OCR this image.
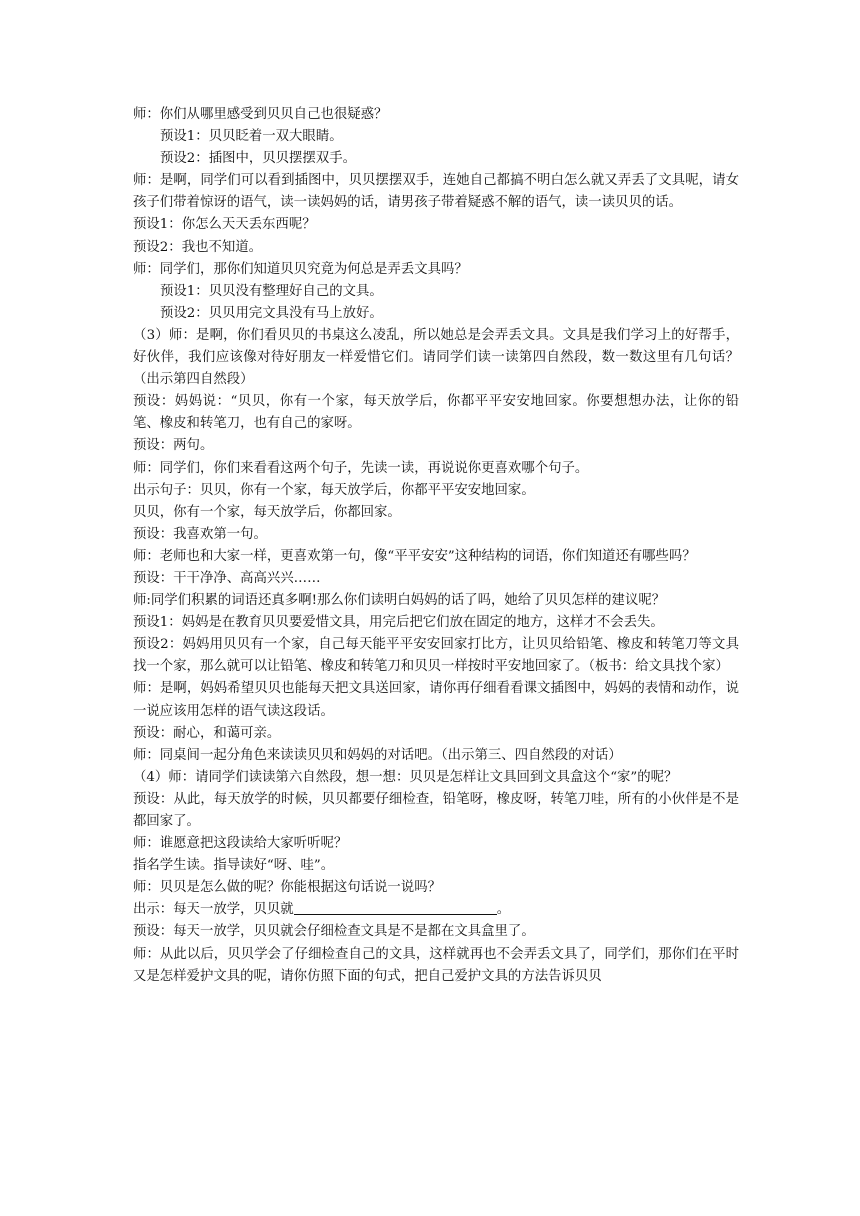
师：你们从哪里感受到贝贝自己也很疑惑？
预设1：贝贝眨着一双大眼睛。
预设2：插图中，贝贝摆摆双手。
师：是啊，同学们可以看到插图中，贝贝摆摆双手，连她自己都搞不明白怎么就又弄丢了文具呢，请女孩子们带着惊讶的语气，读一读妈妈的话，请男孩子带着疑惑不解的语气，读一读贝贝的话。
预设1：你怎么天天丢东西呢？
预设2：我也不知道。
师：同学们，那你们知道贝贝究竟为何总是弄丢文具吗？
预设1：贝贝没有整理好自己的文具。
预设2：贝贝用完文具没有马上放好。
（3）师：是啊，你们看贝贝的书桌这么凌乱，所以她总是会弄丢文具。文具是我们学习上的好帮手，好伙伴，我们应该像对待好朋友一样爱惜它们。请同学们读一读第四自然段，数一数这里有几句话？（出示第四自然段）
预设：妈妈说：“贝贝，你有一个家，每天放学后，你都平平安安地回家。你要想想办法，让你的铅笔、橡皮和转笔刀，也有自己的家呀。
预设：两句。
师：同学们，你们来看看这两个句子，先读一读，再说说你更喜欢哪个句子。
出示句子：贝贝，你有一个家，每天放学后，你都平平安安地回家。
贝贝，你有一个家，每天放学后，你都回家。
预设：我喜欢第一句。
师：老师也和大家一样，更喜欢第一句，像“平平安安”这种结构的词语，你们知道还有哪些吗？
预设：干干净净、高高兴兴……
师:同学们积累的词语还真多啊!那么你们读明白妈妈的话了吗，她给了贝贝怎样的建议呢？
预设1：妈妈是在教育贝贝要爱惜文具，用完后把它们放在固定的地方，这样才不会丢失。
预设2：妈妈用贝贝有一个家，自己每天能平平安安回家打比方，让贝贝给铅笔、橡皮和转笔刀等文具找一个家，那么就可以让铅笔、橡皮和转笔刀和贝贝一样按时平安地回家了。（板书：给文具找个家）
师：是啊，妈妈希望贝贝也能每天把文具送回家，请你再仔细看看课文插图中，妈妈的表情和动作，说一说应该用怎样的语气读这段话。
预设：耐心，和蔼可亲。
师：同桌间一起分角色来读读贝贝和妈妈的对话吧。（出示第三、四自然段的对话）
（4）师：请同学们读读第六自然段，想一想：贝贝是怎样让文具回到文具盒这个“家”的呢？
预设：从此，每天放学的时候，贝贝都要仔细检查，铅笔呀，橡皮呀，转笔刀哇，所有的小伙伴是不是都回家了。
师：谁愿意把这段读给大家听听呢？
指名学生读。指导读好“呀、哇”。
师：贝贝是怎么做的呢？你能根据这句话说一说吗？
出示：每天一放学，贝贝就	。
预设：每天一放学，贝贝就会仔细检查文具是不是都在文具盒里了。
师：从此以后，贝贝学会了仔细检查自己的文具，这样就再也不会弄丢文具了，同学们，那你们在平时又是怎样爱护文具的呢，请你仿照下面的句式，把自己爱护文具的方法告诉贝贝
